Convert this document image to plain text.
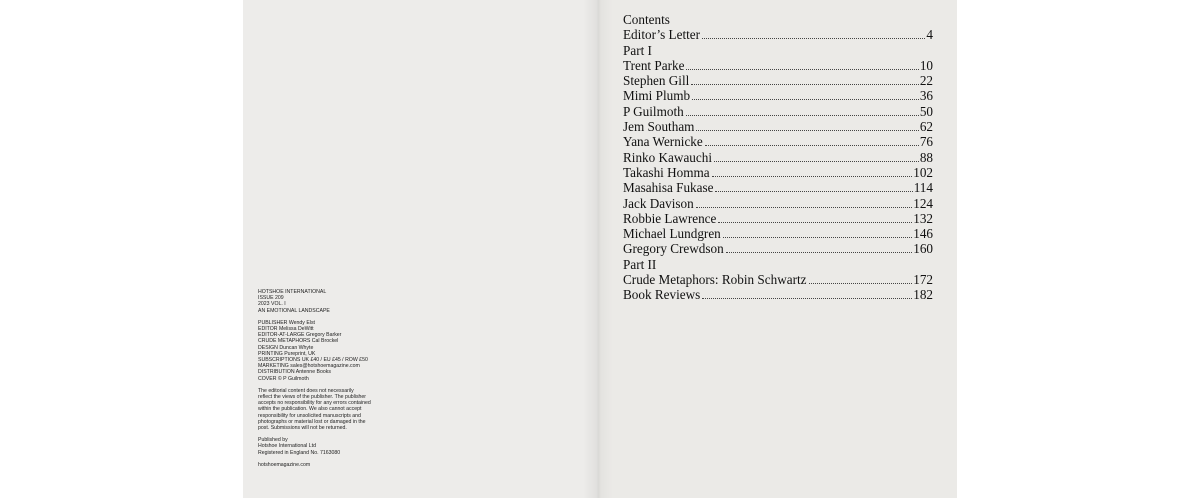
HOTSHOE INTERNATIONAL
ISSUE 209
2023 VOL. I
AN EMOTIONAL LANDSCAPE
PUBLISHER Wendy Elst
EDITOR Melissa DeWitt
EDITOR-AT-LARGE Gregory Barker
CRUDE METAPHORS Cal Brockel
DESIGN Duncan Whyte
PRINTING Pureprint, UK
SUBSCRIPTIONS UK £40 / EU £45 / ROW £50
MARKETING sales@hotshoemagazine.com
DISTRIBUTION Antenne Books
COVER © P Guilmoth
The editorial content does not necessarily
reflect the views of the publisher. The publisher
accepts no responsibility for any errors contained
within the publication. We also cannot accept
responsibility for unsolicited manuscripts and
photographs or material lost or damaged in the
post. Submissions will not be returned.
Published by
Hotshoe International Ltd
Registered in England No. 7163080
hotshoemagazine.com
Contents
Editor’s Letter	4
Part I
Trent Parke	10
Stephen Gill	22
Mimi Plumb	36
P Guilmoth	50
Jem Southam	62
Yana Wernicke	76
Rinko Kawauchi	88
Takashi Homma	102
Masahisa Fukase	114
Jack Davison	124
Robbie Lawrence	132
Michael Lundgren	146
Gregory Crewdson	160
Part II
Crude Metaphors: Robin Schwartz	172
Book Reviews	182
